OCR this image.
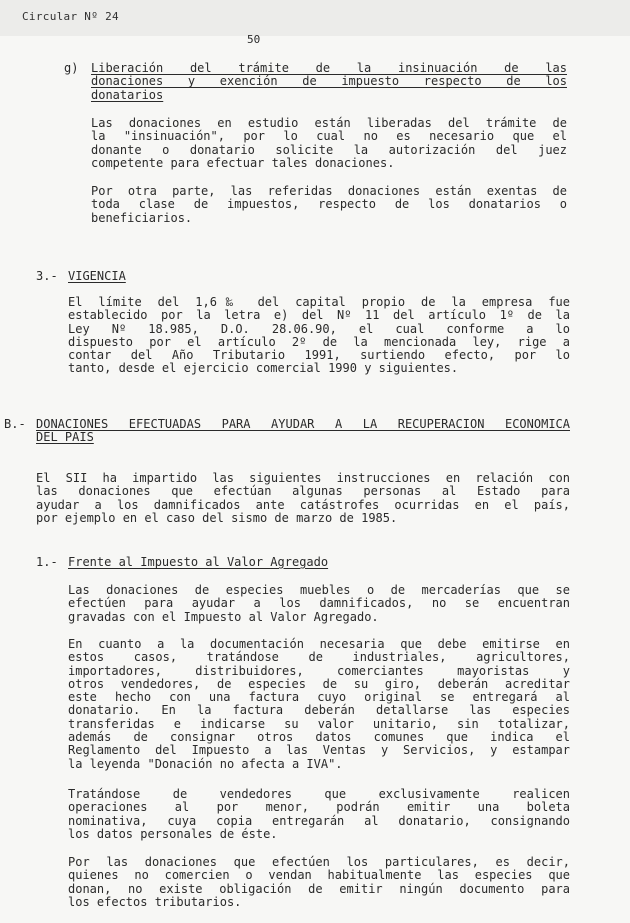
Circular Nº 24
50
g) Liberación del trámite de la insinuación de las
donaciones y exención de impuesto respecto de los
donatarios
Las donaciones en estudio están liberadas del trámite de
la "insinuación", por lo cual no es necesario que el
donante o donatario solicite la autorización del juez
competente para efectuar tales donaciones.
Por otra parte, las referidas donaciones están exentas de
toda clase de impuestos, respecto de los donatarios o
beneficiarios.
3.- VIGENCIA
El límite del 1,6‰ del capital propio de la empresa fue
establecido por la letra e) del Nº 11 del artículo 1º de la
Ley Nº 18.985, D.O. 28.06.90, el cual conforme a lo
dispuesto por el artículo 2º de la mencionada ley, rige a
contar del Año Tributario 1991, surtiendo efecto, por lo
tanto, desde el ejercicio comercial 1990 y siguientes.
B.- DONACIONES EFECTUADAS PARA AYUDAR A LA RECUPERACION ECONOMICA
DEL PAIS
El SII ha impartido las siguientes instrucciones en relación con
las donaciones que efectúan algunas personas al Estado para
ayudar a los damnificados ante catástrofes ocurridas en el país,
por ejemplo en el caso del sismo de marzo de 1985.
1.- Frente al Impuesto al Valor Agregado
Las donaciones de especies muebles o de mercaderías que se
efectúen para ayudar a los damnificados, no se encuentran
gravadas con el Impuesto al Valor Agregado.
En cuanto a la documentación necesaria que debe emitirse en
estos casos, tratándose de industriales, agricultores,
importadores, distribuidores, comerciantes mayoristas y
otros vendedores, de especies de su giro, deberán acreditar
este hecho con una factura cuyo original se entregará al
donatario. En la factura deberán detallarse las especies
transferidas e indicarse su valor unitario, sin totalizar,
además de consignar otros datos comunes que indica el
Reglamento del Impuesto a las Ventas y Servicios, y estampar
la leyenda "Donación no afecta a IVA".
Tratándose de vendedores que exclusivamente realicen
operaciones al por menor, podrán emitir una boleta
nominativa, cuya copia entregarán al donatario, consignando
los datos personales de éste.
Por las donaciones que efectúen los particulares, es decir,
quienes no comercien o vendan habitualmente las especies que
donan, no existe obligación de emitir ningún documento para
los efectos tributarios.
